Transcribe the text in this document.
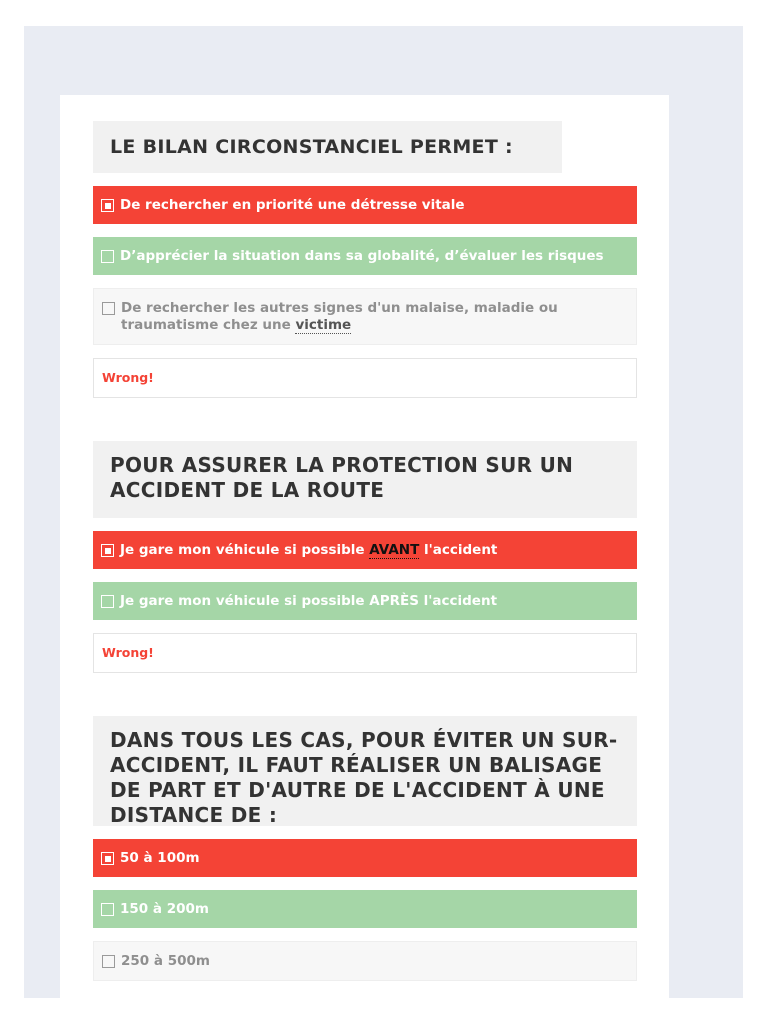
LE BILAN CIRCONSTANCIEL PERMET :
De rechercher en priorité une détresse vitale
D’apprécier la situation dans sa globalité, d’évaluer les risques
De rechercher les autres signes d'un malaise, maladie ou traumatisme chez une victime
Wrong!
POUR ASSURER LA PROTECTION SUR UN ACCIDENT DE LA ROUTE
Je gare mon véhicule si possible AVANT l'accident
Je gare mon véhicule si possible APRÈS l'accident
Wrong!
DANS TOUS LES CAS, POUR ÉVITER UN SUR-ACCIDENT, IL FAUT RÉALISER UN BALISAGE DE PART ET D'AUTRE DE L'ACCIDENT À UNE DISTANCE DE :
50 à 100m
150 à 200m
250 à 500m
